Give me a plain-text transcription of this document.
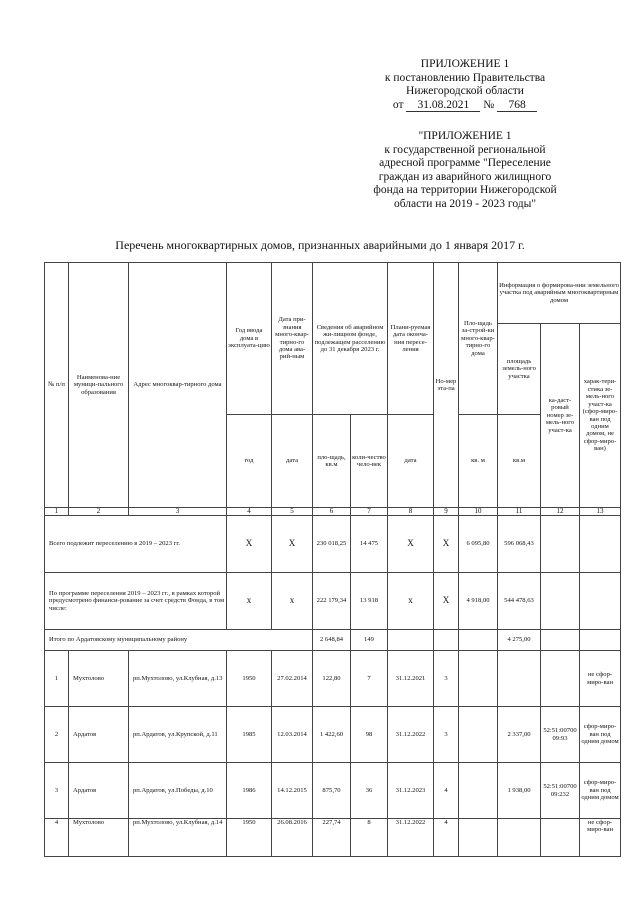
ПРИЛОЖЕНИЕ 1
к постановлению Правительства
Нижегородской области
от 31.08.2021 № 768
"ПРИЛОЖЕНИЕ 1
к государственной региональной
адресной программе "Переселение
граждан из аварийного жилищного
фонда на территории Нижегородской
области на 2019 - 2023 годы"
Перечень многоквартирных домов, признанных аварийными до 1 января 2017 г.
№ п/п	Наименова-ние муници-пального образования	Адрес многоквар-тирного дома	Год ввода дома в эксплуата-цию	Дата при-знания много-квар-тирно-го дома ава-рий-ным	Сведения об аварийном жи-лищном фонде, подлежащем расселению до 31 декабря 2023 г.		Плани-руемая дата оконча-ния пересе-ления	Но-мер эта-па	Пло-щадь за-строй-ки много-квар-тирно-го дома	Информация о формирова-нии земельного участка под аварийным многоквартирным домом		
										площадь земель-ного участка	ка-даст-ровый номер зе-мель-ного участ-ка	харак-тери-стика зе-мель-ного участ-ка (сфор-миро-ван под одним домом, не сфор-миро-ван)
			год	дата	пло-щадь, кв.м	коли-чество чело-век	дата		кв. м	кв.м		
1	2	3	4	5	6	7	8	9	10	11	12	13
Всего подлежит переселению в 2019 – 2023 гг.			X	X	230 018,25	14 475	X	X	6 095,80	596 068,43		
По программе переселения 2019 – 2023 гг., в рамках которой предусмотрено финанси-рование за счет средств Фонда, в том числе:			x	x	222 179,34	13 918	x	X	4 918,00	544 478,63		
Итого по Ардатовскому муниципальному району					2 648,84	149				4 275,00		
1	Мухтолово	рп.Мухтолово, ул.Клубная, д.13	1950	27.02.2014	122,80	7	31.12.2021	3				не сфор-миро-ван
2	Ардатов	рп.Ардатов, ул.Крупской, д.11	1985	12.03.2014	1 422,60	98	31.12.2022	3		2 337,00	52:51:0070009:93	сфор-миро-ван под одним домом
3	Ардатов	рп.Ардатов, ул.Победы, д.10	1986	14.12.2015	875,70	36	31.12.2023	4		1 938,00	52:51:0070009:232	сфор-миро-ван под одним домом
4	Мухтолово	рп.Мухтолово, ул.Клубная, д.14	1950	26.08.2016	227,74	8	31.12.2022	4				не сфор-миро-ван
